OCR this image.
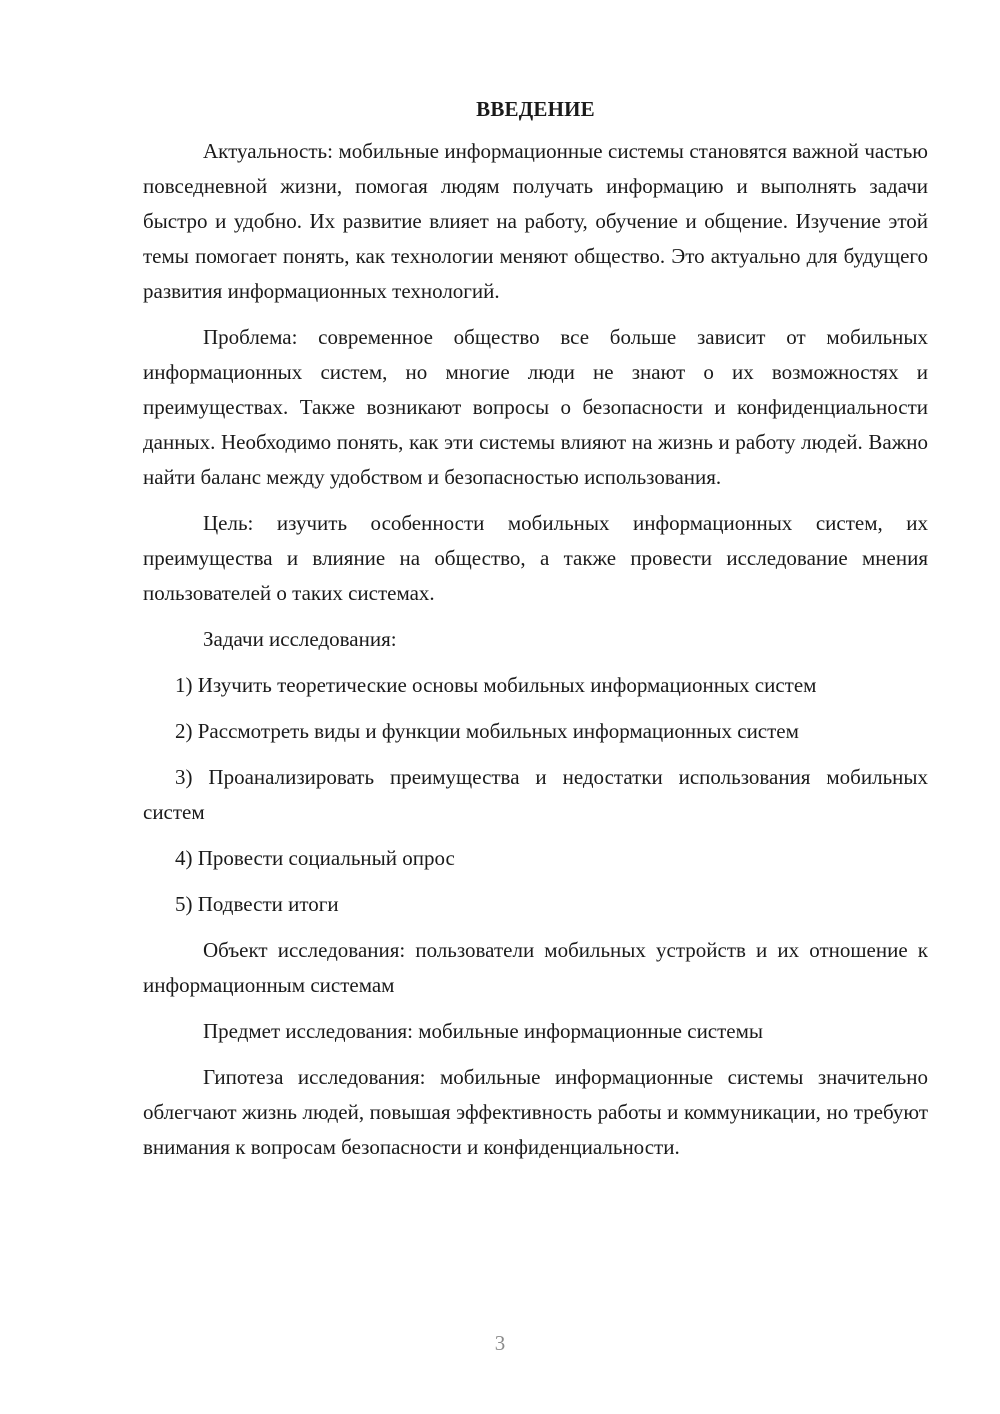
ВВЕДЕНИЕ

Актуальность: мобильные информационные системы становятся важной частью повседневной жизни, помогая людям получать информацию и выполнять задачи быстро и удобно. Их развитие влияет на работу, обучение и общение. Изучение этой темы помогает понять, как технологии меняют общество. Это актуально для будущего развития информационных технологий.

Проблема: современное общество все больше зависит от мобильных информационных систем, но многие люди не знают о их возможностях и преимуществах. Также возникают вопросы о безопасности и конфиденциальности данных. Необходимо понять, как эти системы влияют на жизнь и работу людей. Важно найти баланс между удобством и безопасностью использования.

Цель: изучить особенности мобильных информационных систем, их преимущества и влияние на общество, а также провести исследование мнения пользователей о таких системах.

Задачи исследования:

1) Изучить теоретические основы мобильных информационных систем

2) Рассмотреть виды и функции мобильных информационных систем

3) Проанализировать преимущества и недостатки использования мобильных систем

4) Провести социальный опрос

5) Подвести итоги

Объект исследования: пользователи мобильных устройств и их отношение к информационным системам

Предмет исследования: мобильные информационные системы

Гипотеза исследования: мобильные информационные системы значительно облегчают жизнь людей, повышая эффективность работы и коммуникации, но требуют внимания к вопросам безопасности и конфиденциальности.

3
